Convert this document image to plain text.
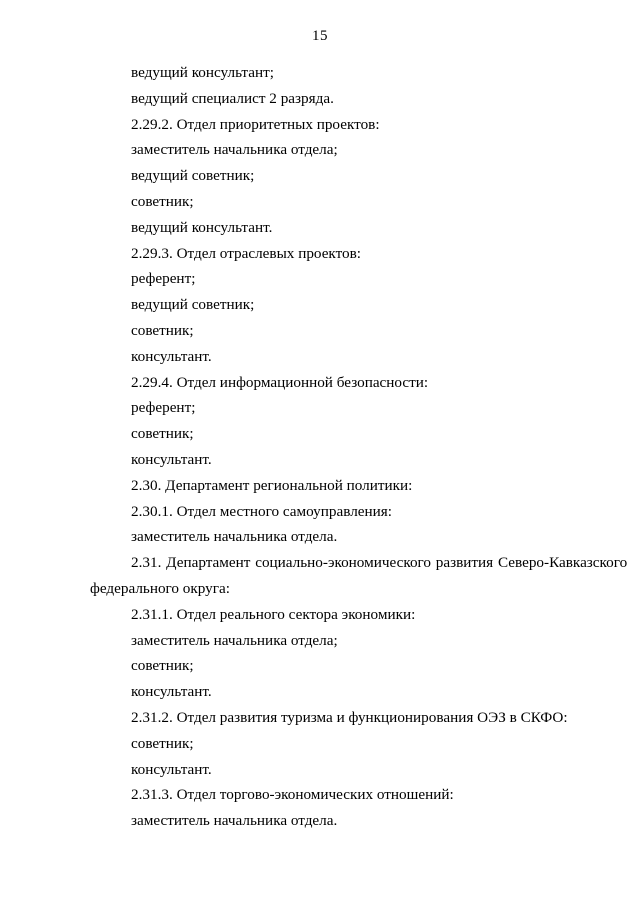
15

ведущий консультант;

ведущий специалист 2 разряда.

2.29.2. Отдел приоритетных проектов:

заместитель начальника отдела;

ведущий советник;

советник;

ведущий консультант.

2.29.3. Отдел отраслевых проектов:

референт;

ведущий советник;

советник;

консультант.

2.29.4. Отдел информационной безопасности:

референт;

советник;

консультант.

2.30. Департамент региональной политики:

2.30.1. Отдел местного самоуправления:

заместитель начальника отдела.

2.31. Департамент социально-экономического развития Северо-Кавказского

федерального округа:

2.31.1. Отдел реального сектора экономики:

заместитель начальника отдела;

советник;

консультант.

2.31.2. Отдел развития туризма и функционирования ОЭЗ в СКФО:

советник;

консультант.

2.31.3. Отдел торгово-экономических отношений:

заместитель начальника отдела.
